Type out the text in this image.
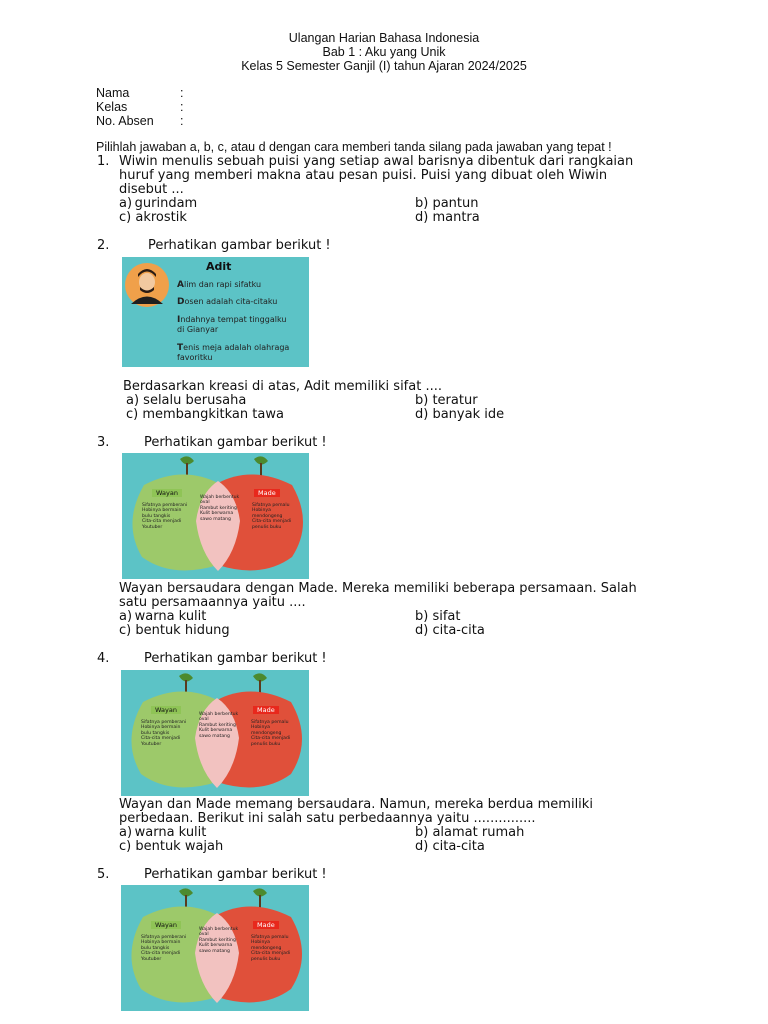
Ulangan Harian Bahasa Indonesia
Bab 1 : Aku yang Unik
Kelas 5 Semester Ganjil (I) tahun Ajaran 2024/2025
Nama	:
Kelas	:
No. Absen :
Pilihlah jawaban a, b, c, atau d dengan cara memberi tanda silang pada jawaban yang tepat !
1. Wiwin menulis sebuah puisi yang setiap awal barisnya dibentuk dari rangkaian
huruf yang memberi makna atau pesan puisi. Puisi yang dibuat oleh Wiwin
disebut ...
a) gurindam	b) pantun
c) akrostik	d) mantra
2.	Perhatikan gambar berikut !
Adit
Alim dan rapi sifatku
Dosen adalah cita-citaku
Indahnya tempat tinggalku
di Gianyar
Tenis meja adalah olahraga
favoritku
Berdasarkan kreasi di atas, Adit memiliki sifat ....
a) selalu berusaha	b) teratur
c) membangkitkan tawa	d) banyak ide
3.	Perhatikan gambar berikut !
Wayan	Made
Sifatnya pemberani
Hobinya bermain bulu tangkis
Cita-cita menjadi Youtuber
Wajah berbentuk oval
Rambut keriting
Kulit berwarna sawo matang
Sifatnya pemalu
Hobinya mendongeng
Cita-cita menjadi penulis buku
Wayan bersaudara dengan Made. Mereka memiliki beberapa persamaan. Salah
satu persamaannya yaitu ....
a) warna kulit	b) sifat
c) bentuk hidung	d) cita-cita
4.	Perhatikan gambar berikut !
Wayan	Made
Sifatnya pemberani
Hobinya bermain bulu tangkis
Cita-cita menjadi Youtuber
Wajah berbentuk oval
Rambut keriting
Kulit berwarna sawo matang
Sifatnya pemalu
Hobinya mendongeng
Cita-cita menjadi penulis buku
Wayan dan Made memang bersaudara. Namun, mereka berdua memiliki
perbedaan. Berikut ini salah satu perbedaannya yaitu ...............
a) warna kulit	b) alamat rumah
c) bentuk wajah	d) cita-cita
5.	Perhatikan gambar berikut !
Wayan	Made
Sifatnya pemberani
Hobinya bermain bulu tangkis
Cita-cita menjadi Youtuber
Wajah berbentuk oval
Rambut keriting
Kulit berwarna sawo matang
Sifatnya pemalu
Hobinya mendongeng
Cita-cita menjadi penulis buku
